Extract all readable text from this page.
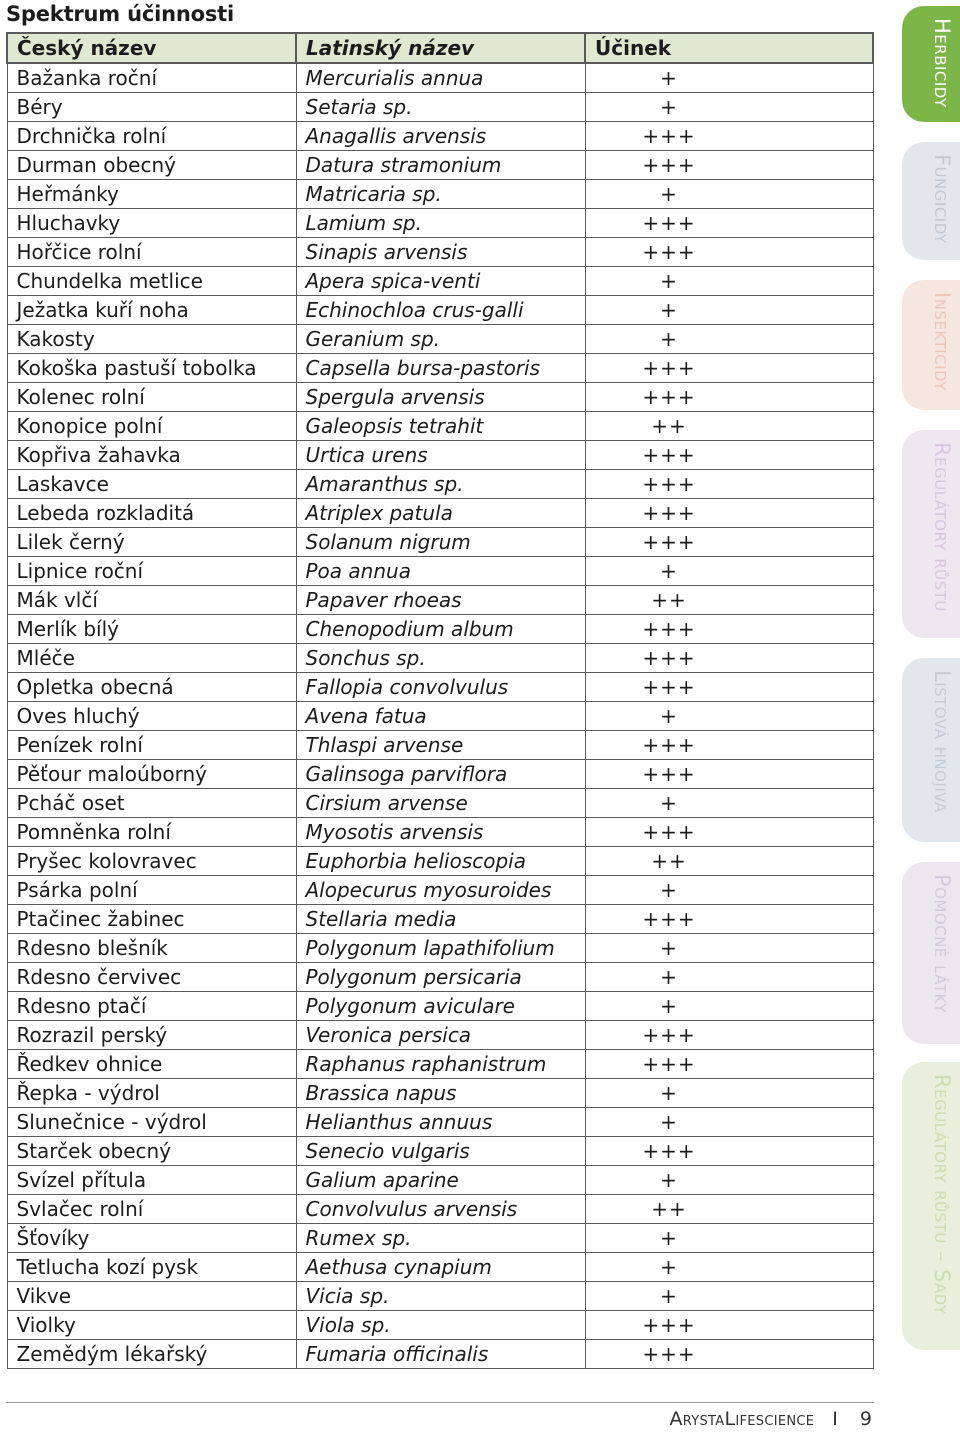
Spektrum účinnosti
Český název	Latinský název	Účinek
Bažanka roční	Mercurialis annua	+
Béry	Setaria sp.	+
Drchnička rolní	Anagallis arvensis	+++
Durman obecný	Datura stramonium	+++
Heřmánky	Matricaria sp.	+
Hluchavky	Lamium sp.	+++
Hořčice rolní	Sinapis arvensis	+++
Chundelka metlice	Apera spica-venti	+
Ježatka kuří noha	Echinochloa crus-galli	+
Kakosty	Geranium sp.	+
Kokoška pastuší tobolka	Capsella bursa-pastoris	+++
Kolenec rolní	Spergula arvensis	+++
Konopice polní	Galeopsis tetrahit	++
Kopřiva žahavka	Urtica urens	+++
Laskavce	Amaranthus sp.	+++
Lebeda rozkladitá	Atriplex patula	+++
Lilek černý	Solanum nigrum	+++
Lipnice roční	Poa annua	+
Mák vlčí	Papaver rhoeas	++
Merlík bílý	Chenopodium album	+++
Mléče	Sonchus sp.	+++
Opletka obecná	Fallopia convolvulus	+++
Oves hluchý	Avena fatua	+
Penízek rolní	Thlaspi arvense	+++
Pěťour maloúborný	Galinsoga parviflora	+++
Pcháč oset	Cirsium arvense	+
Pomněnka rolní	Myosotis arvensis	+++
Pryšec kolovravec	Euphorbia helioscopia	++
Psárka polní	Alopecurus myosuroides	+
Ptačinec žabinec	Stellaria media	+++
Rdesno blešník	Polygonum lapathifolium	+
Rdesno červivec	Polygonum persicaria	+
Rdesno ptačí	Polygonum aviculare	+
Rozrazil perský	Veronica persica	+++
Ředkev ohnice	Raphanus raphanistrum	+++
Řepka - výdrol	Brassica napus	+
Slunečnice - výdrol	Helianthus annuus	+
Starček obecný	Senecio vulgaris	+++
Svízel přítula	Galium aparine	+
Svlačec rolní	Convolvulus arvensis	++
Šťovíky	Rumex sp.	+
Tetlucha kozí pysk	Aethusa cynapium	+
Vikve	Vicia sp.	+
Violky	Viola sp.	+++
Zemědým lékařský	Fumaria officinalis	+++
Herbicidy
Fungicidy
Insekticidy
Regulátory růstu
Listová hnojiva
Pomocné látky
Regulátory růstu – Sady
ArystaLifescience I 9
